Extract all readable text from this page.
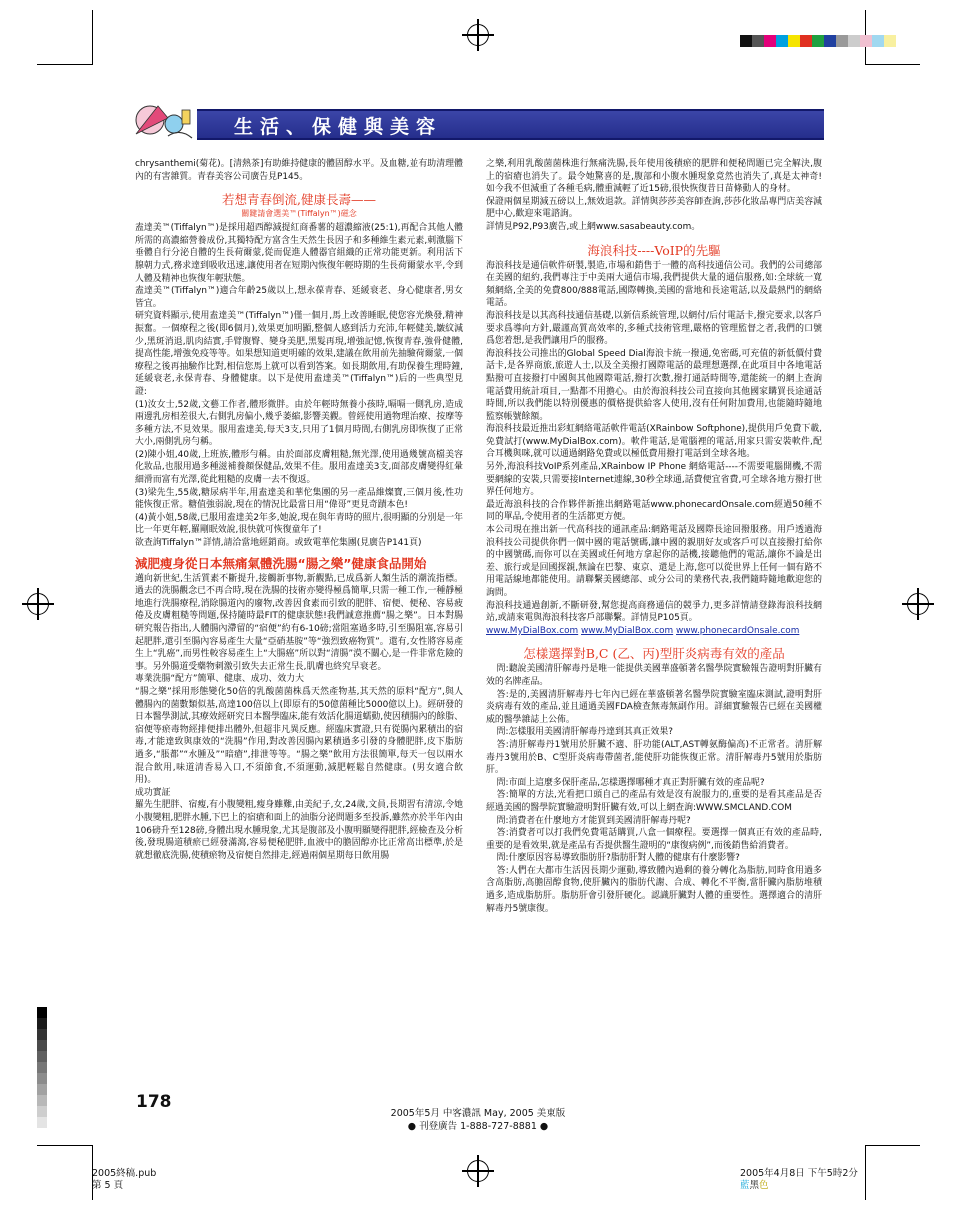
生活、保健與美容

chrysanthemi(菊花)。[清熱茶]有助維持健康的體固醇水平。及血糖,並有助清理體內的有害雜質。青春美容公司廣告見P145。

若想青春倒流,健康長壽——
關鍵請會選美™(Tiffalyn™)磁念

盍達美™(Tiffalyn™)是採用超西醇減提紅商番薯的超濃縮液(25:1),再配合其他人體所需的高濃縮營養成份,其獨特配方富含生天然生長因子和多種維生素元素,刺激腦下垂體自行分泌自體的生長荷爾蒙,從而促進人體器官組織的正常功能更新。利用活下腺朝力式,務求達到吸收迅速,讓使用者在短期內恢復年輕時期的生長荷爾蒙水平,令到人體及精神也恢復年輕狀態。

盍達美™(Tiffalyn™)適合年齡25歲以上,想永葆青春、延緩衰老、身心健康者,男女皆宜。

研究資料顯示,使用盍達美™(Tiffalyn™)僅一個月,馬上改善睡眠,使您容光煥發,精神振奮。一個療程之後(即6個月),效果更加明顯,整個人感到活力充沛,年輕健美,皺紋減少,黑斑消退,肌肉結實,手臂腹臀、變身美肥,黑髮再現,增強記憶,恢復青春,強骨健體,提高性能,增強免疫等等。如果想知道更明確的效果,建議在飲用前先抽驗荷爾蒙,一個療程之後再抽驗作比對,相信您馬上就可以看到答案。如長期飲用,有助保養生理時鐘,延緩衰老,永保青春、身體健康。以下是使用盍達美™(Tiffalyn™)后的一些典型見證:

(1)汝女士,52歲,文藝工作者,體形微胖。由於年輕時無養小孩時,嗝嗝一側乳房,造成兩邊乳房相差很大,右側乳房偏小,幾乎萎縮,影響美觀。曾經使用過物理治療、按摩等多種方法,不見效果。服用盍達美,每天3支,只用了1個月時間,右側乳房即恢復了正常大小,兩側乳房勻稱。

(2)陳小姐,40歲,上班族,體形勻稱。由於面部皮膚粗糙,無光澤,使用過幾號高檔美容化妝品,也服用過多種滋補養顏保健品,效果不佳。服用盍達美3支,面部皮膚變得紅暈細滑而富有光澤,從此粗糙的皮膚一去不復返。

(3)梁先生,55歲,糖尿病半年,用盍達美和華佗集團的另一產品維燦寶,三個月後,性功能恢復正常。糖值強弱說,現在的情況比最當日用“偉哥”更見奇蹟本色!

(4)黃小姐,58歲,已服用盍達美2年多,她說,現在與年青時的照片,很明顯的分別是一年比一年更年輕,羅剛眠效說,很快就可恢復童年了!

欲查詢Tiffalyn™詳情,請洽當地經銷商。或致電華佗集團(見廣告P141頁)

減肥瘦身從日本無痛氣體洗腸“腸之樂”健康食品開始

邁向新世紀,生活質素不斷提升,接觸新事物,新觀點,已成爲新人類生活的潮流指標。過去的洗腸觀念已不再合時,現在洗腸的技術亦變得極爲簡單,只需一種工作,一種靜極地進行洗腸療程,消除腸道內的廢物,改善因食素而引致的肥胖、宿便、便秘、容易疲倦及皮膚粗糙等問題,保持隨時最FIT的健康狀態!我們誠意推薦“腸之樂”。日本對腸研究報告指出,人體腸內滯留的“宿便”約有6-10磅;當阻塞過多時,引至腸阻塞,容易引起肥胖,還引至腸內容易產生大量“亞硝基胺”等“強烈致癌物質”。還有,女性將容易產生上“乳癌”,而男性較容易產生上“大腸癌”所以對“清腸”漠不關心,是一件非常危險的事。另外腸道受藥物刺激引致失去正常生長,肌膚也終究早衰老。

專業洗腸“配方”簡單、健康、成功、效力大

“腸之樂”採用形態變化50倍的乳酸菌菌株爲天然產物基,其天然的原料“配方”,與人體腸內的菌數類似基,高達100倍以上(即原有的50億菌種比5000億以上)。經研發的日本醫學測試,其療效經研究日本醫學臨床,能有效活化腸道蠕動,使因積腸內的餘脂、宿便等瘀毒物經排便排出體外,但超非凡異反應。經臨床實證,只有從腸內累積出的宿毒,才能達致與康效的“洗腸”作用,對改善因腸內累積過多引發的身體肥胖,皮下脂肪過多,“脹都”“水腫及”“暗瘡”,排泄等等。“腸之樂”飲用方法很簡單,每天一包以兩水混合飲用,味道清香易入口,不須節食,不須運動,減肥輕鬆自然健康。(男女適合飲用)。

成功實証

羅先生肥胖、宿瘦,有小腹變粗,瘦身雖難,由美紀子,女,24歲,文員,長期習有清涼,令她小腹變粗,肥胖水腫,下巴上的宿瘡和面上的油脂分泌問題多至投訴,雖然亦於半年內由106磅升至128磅,身體出現水腫現象,尤其是腹部及小腹明顯變得肥胖,經檢查及分析後,發現腸道積瘀已經發滿瀉,容易便秘肥胖,血液中的膽固醇亦比正常高出標準,於是就想徹底洗腸,使積瘀物及宿便自然排走,經過兩個星期每日飲用腸

之樂,利用乳酸菌菌株進行無痛洗腸,長年使用後積瘀的肥胖和便秘問題已完全解決,腹上的宿瘡也消失了。最令她驚喜的是,腹部和小腹水腫現象竟然也消失了,真是太神奇!如今我不但減重了各種毛病,體重減輕了近15磅,很快恢復昔日苗條動人的身材。

保證兩個星期減五磅以上,無效退款。詳情與莎莎美容師查詢,莎莎化妝品專門店美容減肥中心,歡迎來電諮詢。

詳情見P92,P93廣告,或上網www.sasabeauty.com。

海浪科技----VoIP的先驅

海浪科技是通信軟件研製,製造,市場和銷售于一體的高科技通信公司。我們的公司總部在美國的紐約,我們專注于中美兩大通信市場,我們提供大量的通信服務,如:全球統一寬頻網絡,全美的免費800/888電話,國際轉換,美國的當地和長途電話,以及最熱門的網絡電話。

海浪科技是以其高科技通信基礎,以新信系統管理,以網付/后付電話卡,撥完要求,以客戶要求爲導向方針,嚴謹高質高效率的,多種式技術管理,嚴格的管理監督之者,我們的口號爲您着想,是我們讓用戶的服務。

海浪科技公司推出的Global Speed Dial海浪卡統一撥通,免密碼,可充值的新低價付費話卡,是各界商旅,旅遊人士,以及全美撥打國際電話的最理想選擇,在此項目中各地電話點撥可直接撥打中國與其他國際電話,撥打次數,撥打通話時間等,還能統一的網上查詢電話費用統計項目,一點都不用擔心。由於海浪科技公司直接向其他國家購買長途通話時間,所以我們能以特別優惠的價格提供給客人使用,沒有任何附加費用,也能隨時隨地監察帳號餘額。

海浪科技最近推出彩虹網絡電話軟件電話(XRainbow Softphone),提供用戶免費下載,免費試打(www.MyDialBox.com)。軟件電話,是電腦裡的電話,用家只需安裝軟件,配合耳機與咪,就可以通過網路免費或以極低費用撥打電話到全球各地。

另外,海浪科技VoIP系列產品,XRainbow IP Phone 網絡電話----不需要電腦開機,不需要網線的安裝,只需要接Internet連線,30秒全球通,話費便宜省費,可全球各地方撥打世界任何地方。

最近海浪科技的合作夥伴新推出網路電話www.phonecardOnsale.com經過50種不同的單品,令使用者的生活都更方便。

本公司現在推出新一代高科技的通訊產品:網路電話及國際長途回撥服務。用戶透過海浪科技公司提供你們一個中國的電話號碼,讓中國的親朋好友或客戶可以直接撥打給你的中國號碼,而你可以在美國或任何地方拿起你的話機,接聽他們的電話,讓你不論是出差、旅行或是回國探親,無論在巴黎、東京、還是上海,您可以從世界上任何一個有路不用電話線地都能使用。請聯繫美國總部、或分公司的業務代表,我們隨時隨地歡迎您的詢問。

海浪科技通過創新,不斷研發,幫您提高商務通信的競爭力,更多詳情請登錄海浪科技網站,或請來電與海浪科技客戶部聯繫。詳情見P105頁。

www.MyDialBox.com www.MyDialBox.com www.phonecardOnsale.com

怎樣選擇對B,C (乙、丙)型肝炎病毒有效的產品

問:聽說美國清肝解毒丹是唯一能提供美國華盛頓著名醫學院實驗報告證明對肝臟有效的名牌產品。

答:是的,美國清肝解毒丹七年內已經在華盛頓著名醫學院實驗室臨床測試,證明對肝炎病毒有效的產品,並且通過美國FDA檢查無毒無副作用。詳細實驗報告已經在美國權威的醫學雜誌上公佈。

問:怎樣服用美國清肝解毒丹達到其真正效果?

答:清肝解毒丹1號用於肝臟不適、肝功能(ALT,AST轉氨酶偏高)不正常者。清肝解毒丹3號用於B、C型肝炎病毒帶菌者,能使肝功能恢復正常。清肝解毒丹5號用於脂肪肝。

問:市面上這麼多保肝產品,怎樣選擇哪種才真正對肝臟有效的產品呢?

答:簡單的方法,光看把口頭自己的產品有效是沒有說服力的,重要的是看其產品是否經過美國的醫學院實驗證明對肝臟有效,可以上網查詢:WWW.SMCLAND.COM

問:消費者在什麼地方才能買到美國清肝解毒丹呢?

答:消費者可以打我們免費電話購買,八盒一個療程。要選擇一個真正有效的產品時,重要的是看效果,就是產品有否提供醫生證明的“康復病例”,而後銷售給消費者。

問:什麼原因容易導致脂肪肝?脂肪肝對人體的健康有什麼影響?

答:人們在大都市生活因長期少運動,導致體內過剩的養分轉化為脂肪,同時食用過多含高脂肪,高膽固醇食物,使肝臟內的脂肪代謝、合成、轉化不平衡,當肝臟內脂肪堆積過多,造成脂肪肝。脂肪肝會引發肝硬化。認識肝臟對人體的重要性。選擇適合的清肝解毒丹5號康復。

178
2005年5月 中客濃訊 May, 2005 美東版
● 刊登廣告 1-888-727-8881 ●
2005終稿.pub
第 5 頁
2005年4月8日 下午5時2分
藍黑色
